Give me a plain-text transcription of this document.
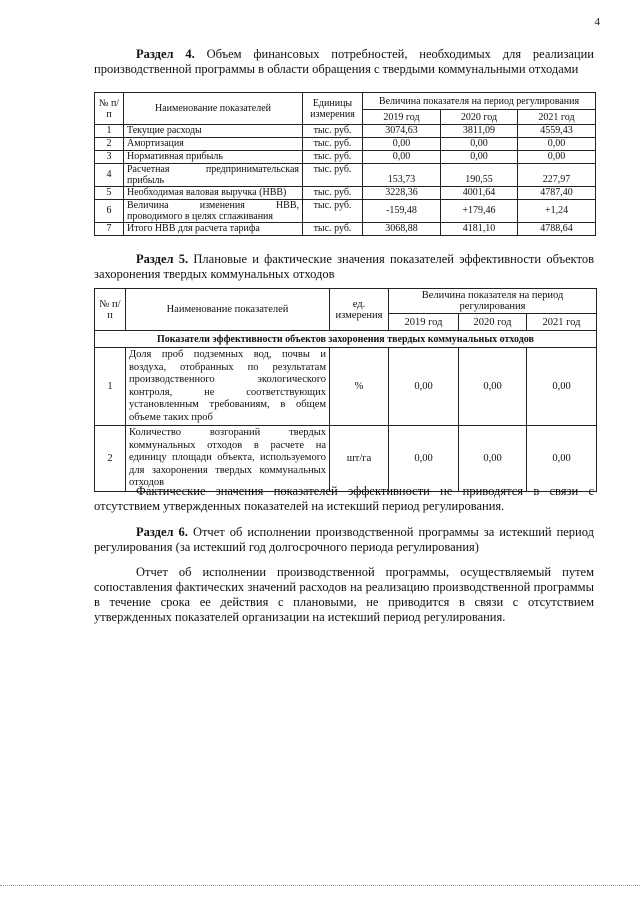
4
Раздел 4. Объем финансовых потребностей, необходимых для реализации производственной программы в области обращения с твердыми коммунальными отходами
№ п/п	Наименование показателей	Единицы измерения	Величина показателя на период регулирования		
			2019 год	2020 год	2021 год
1	Текущие расходы	тыс. руб.	3074,63	3811,09	4559,43
2	Амортизация	тыс. руб.	0,00	0,00	0,00
3	Нормативная прибыль	тыс. руб.	0,00	0,00	0,00
4	Расчетная предпринимательская прибыль	тыс. руб.	153,73	190,55	227,97
5	Необходимая валовая выручка (НВВ)	тыс. руб.	3228,36	4001,64	4787,40
6	Величина изменения НВВ, проводимого в целях сглаживания	тыс. руб.	-159,48	+179,46	+1,24
7	Итого НВВ для расчета тарифа	тыс. руб.	3068,88	4181,10	4788,64
Раздел 5. Плановые и фактические значения показателей эффективности объектов захоронения твердых коммунальных отходов
№ п/п	Наименование показателей	ед. измерения	Величина показателя на период регулирования		
			2019 год	2020 год	2021 год
Показатели эффективности объектов захоронения твердых коммунальных отходов					
1	Доля проб подземных вод, почвы и воздуха, отобранных по результатам производственного экологического контроля, не соответствующих установленным требованиям, в общем объеме таких проб	%	0,00	0,00	0,00
2	Количество возгораний твердых коммунальных отходов в расчете на единицу площади объекта, используемого для захоронения твердых коммунальных отходов	шт/га	0,00	0,00	0,00
Фактические значения показателей эффективности не приводятся в связи с отсутствием утвержденных показателей на истекший период регулирования.
Раздел 6. Отчет об исполнении производственной программы за истекший период регулирования (за истекший год долгосрочного периода регулирования)
Отчет об исполнении производственной программы, осуществляемый путем сопоставления фактических значений расходов на реализацию производственной программы в течение срока ее действия с плановыми, не приводится в связи с отсутствием утвержденных показателей организации на истекший период регулирования.
